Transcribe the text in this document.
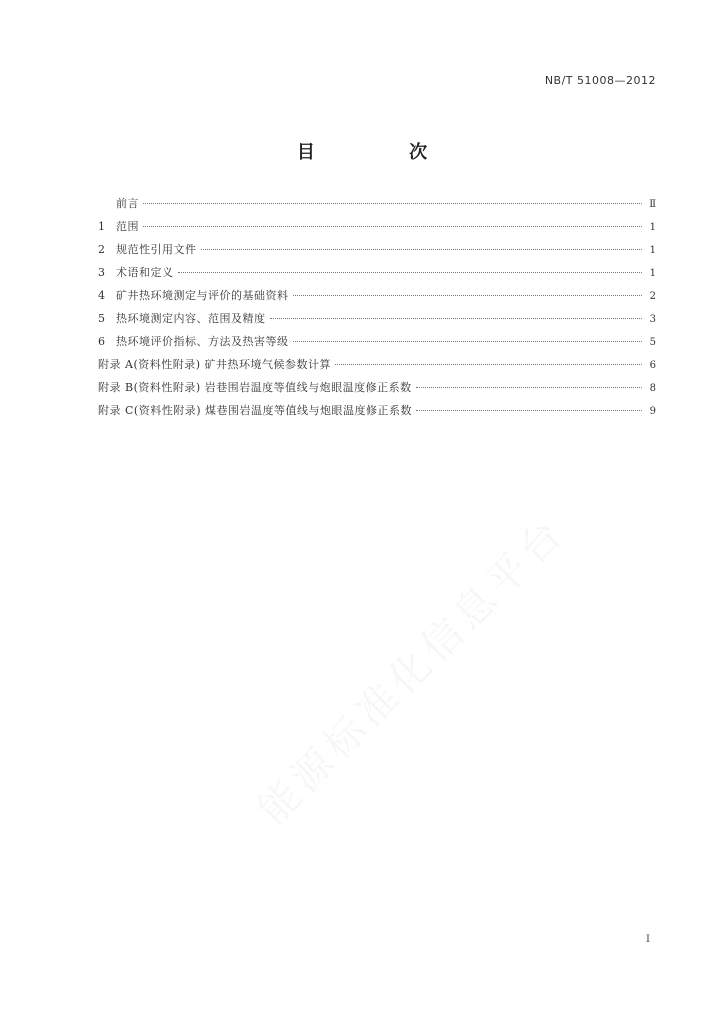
NB/T 51008—2012
目 次
前言	Ⅱ
1	范围	1
2	规范性引用文件	1
3	术语和定义	1
4	矿井热环境测定与评价的基础资料	2
5	热环境测定内容、范围及精度	3
6	热环境评价指标、方法及热害等级	5
附录 A(资料性附录) 矿井热环境气候参数计算	6
附录 B(资料性附录) 岩巷围岩温度等值线与炮眼温度修正系数	8
附录 C(资料性附录) 煤巷围岩温度等值线与炮眼温度修正系数	9
I
